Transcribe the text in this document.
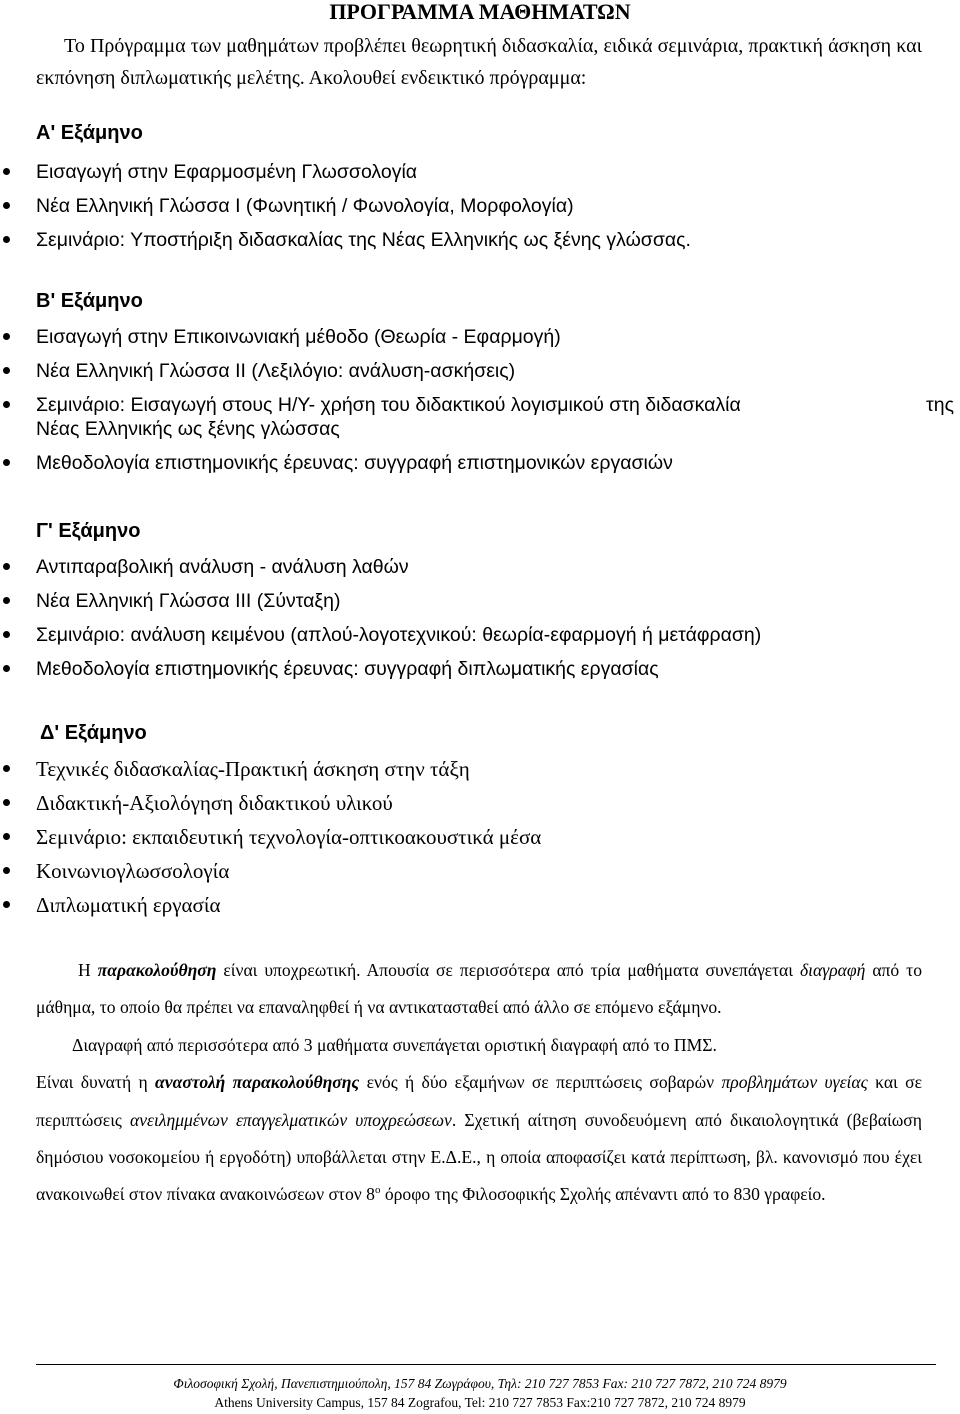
ΠΡΟΓΡΑΜΜΑ ΜΑΘΗΜΑΤΩΝ
Το Πρόγραμμα των μαθημάτων προβλέπει θεωρητική διδασκαλία, ειδικά σεμινάρια, πρακτική άσκηση και εκπόνηση διπλωματικής μελέτης. Ακολουθεί ενδεικτικό πρόγραμμα:
Α' Εξάμηνο
Εισαγωγή στην Εφαρμοσμένη Γλωσσολογία
Νέα Ελληνική Γλώσσα Ι (Φωνητική / Φωνολογία, Μορφολογία)
Σεμινάριο: Υποστήριξη διδασκαλίας της Νέας Ελληνικής ως ξένης γλώσσας.
Β' Εξάμηνο
Εισαγωγή στην Επικοινωνιακή μέθοδο (Θεωρία - Εφαρμογή)
Νέα Ελληνική Γλώσσα ΙΙ (Λεξιλόγιο: ανάλυση-ασκήσεις)
Σεμινάριο: Εισαγωγή στους Η/Υ- χρήση του διδακτικού λογισμικού στη διδασκαλία	της
Νέας Ελληνικής ως ξένης γλώσσας
Μεθοδολογία επιστημονικής έρευνας: συγγραφή επιστημονικών εργασιών
Γ' Εξάμηνο
Αντιπαραβολική ανάλυση - ανάλυση λαθών
Νέα Ελληνική Γλώσσα ΙΙΙ (Σύνταξη)
Σεμινάριο: ανάλυση κειμένου (απλού-λογοτεχνικού: θεωρία-εφαρμογή ή μετάφραση)
Μεθοδολογία επιστημονικής έρευνας: συγγραφή διπλωματικής εργασίας
Δ' Εξάμηνο
Τεχνικές διδασκαλίας-Πρακτική άσκηση στην τάξη
Διδακτική-Αξιολόγηση διδακτικού υλικού
Σεμινάριο: εκπαιδευτική τεχνολογία-οπτικοακουστικά μέσα
Κοινωνιογλωσσολογία
Διπλωματική εργασία

Η παρακολούθηση είναι υποχρεωτική. Απουσία σε περισσότερα από τρία μαθήματα συνεπάγεται διαγραφή από το μάθημα, το οποίο θα πρέπει να επαναληφθεί ή να αντικατασταθεί από άλλο σε επόμενο εξάμηνο.

Διαγραφή από περισσότερα από 3 μαθήματα συνεπάγεται οριστική διαγραφή από το ΠΜΣ.

Είναι δυνατή η αναστολή παρακολούθησης ενός ή δύο εξαμήνων σε περιπτώσεις σοβαρών προβλημάτων υγείας και σε περιπτώσεις ανειλημμένων επαγγελματικών υποχρεώσεων. Σχετική αίτηση συνοδευόμενη από δικαιολογητικά (βεβαίωση δημόσιου νοσοκομείου ή εργοδότη) υποβάλλεται στην Ε.Δ.Ε., η οποία αποφασίζει κατά περίπτωση, βλ. κανονισμό που έχει ανακοινωθεί στον πίνακα ανακοινώσεων στον $8^o$ όροφο της Φιλοσοφικής Σχολής απέναντι από το 830 γραφείο.

Φιλοσοφική Σχολή, Πανεπιστημιούπολη, 157 84 Ζωγράφου, Τηλ: 210 727 7853 Fax: 210 727 7872, 210 724 8979
Athens University Campus, 157 84 Zografou, Tel: 210 727 7853 Fax:210 727 7872, 210 724 8979
